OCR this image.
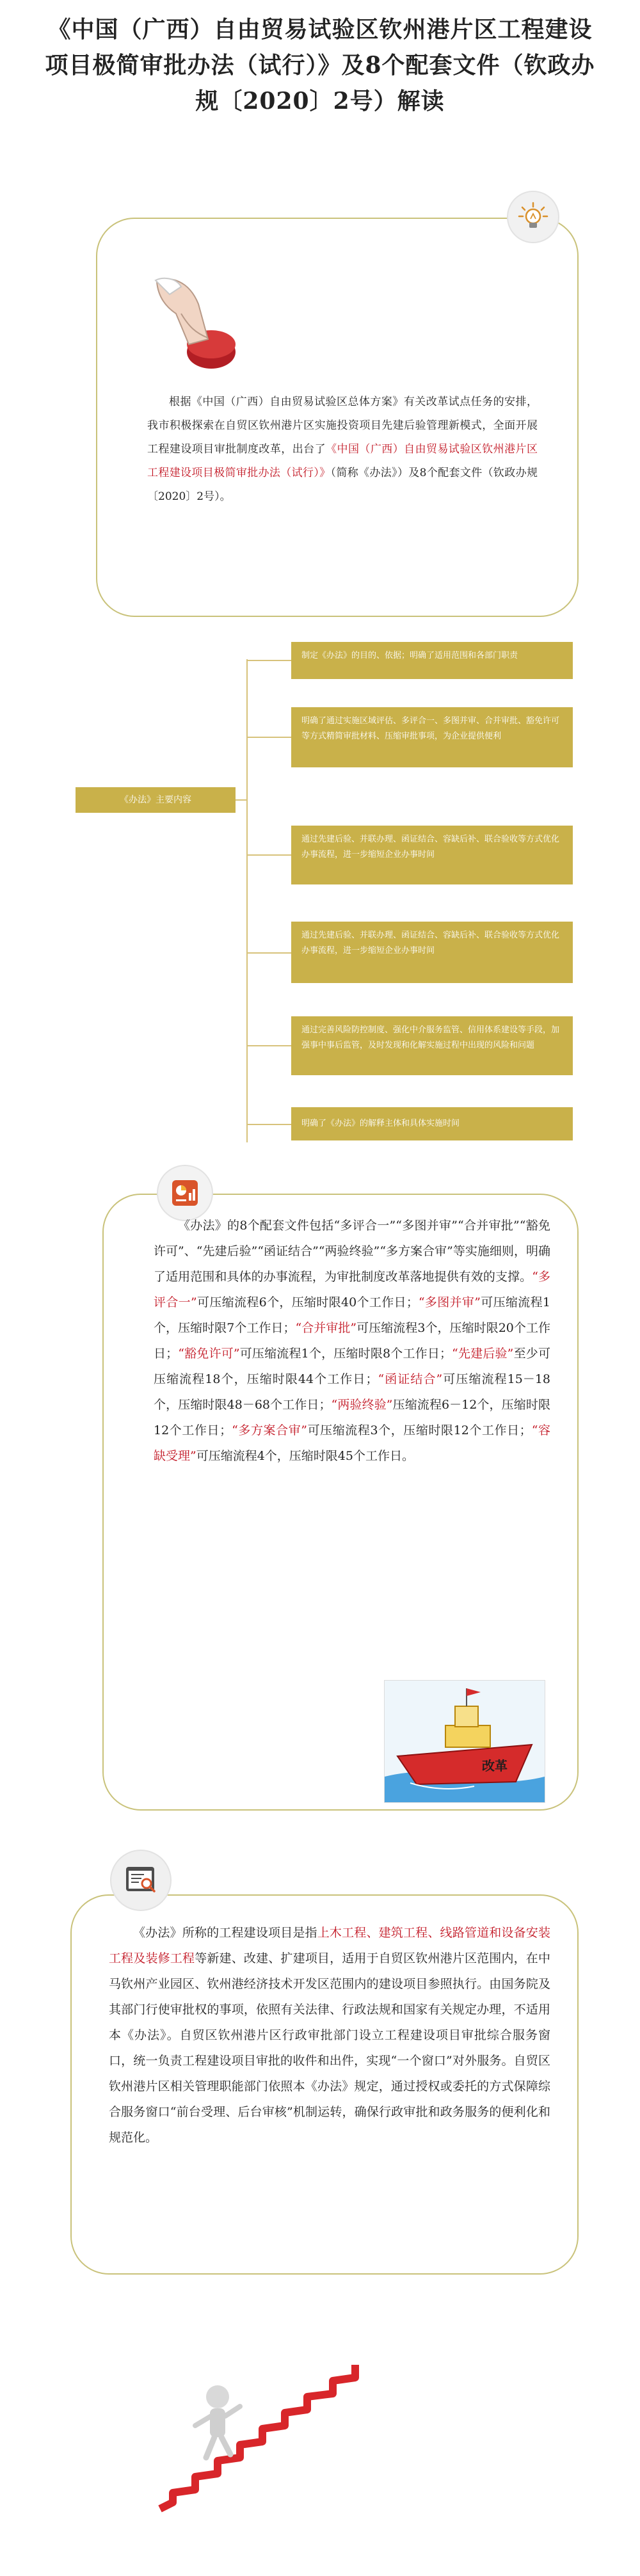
《中国（广西）自由贸易试验区钦州港片区工程建设项目极简审批办法（试行）》及8个配套文件（钦政办规〔2020〕2号）解读
根据《中国（广西）自由贸易试验区总体方案》有关改革试点任务的安排，我市积极探索在自贸区钦州港片区实施投资项目先建后验管理新模式，全面开展工程建设项目审批制度改革，出台了《中国（广西）自由贸易试验区钦州港片区工程建设项目极简审批办法（试行）》（简称《办法》）及8个配套文件（钦政办规〔2020〕2号）。
《办法》主要内容
制定《办法》的目的、依据；明确了适用范围和各部门职责
明确了通过实施区域评估、多评合一、多图并审、合并审批、豁免许可等方式精简审批材料、压缩审批事项，为企业提供便利
通过先建后验、并联办理、函证结合、容缺后补、联合验收等方式优化办事流程，进一步缩短企业办事时间
通过先建后验、并联办理、函证结合、容缺后补、联合验收等方式优化办事流程，进一步缩短企业办事时间
通过完善风险防控制度、强化中介服务监管、信用体系建设等手段，加强事中事后监管，及时发现和化解实施过程中出现的风险和问题
明确了《办法》的解释主体和具体实施时间
《办法》的8个配套文件包括“多评合一”“多图并审”“合并审批”“豁免许可”、“先建后验”“函证结合”“两验终验”“多方案合审”等实施细则，明确了适用范围和具体的办事流程，为审批制度改革落地提供有效的支撑。“多评合一”可压缩流程6个，压缩时限40个工作日；“多图并审”可压缩流程1个，压缩时限7个工作日；“合并审批”可压缩流程3个，压缩时限20个工作日；“豁免许可”可压缩流程1个，压缩时限8个工作日；“先建后验”至少可压缩流程18个，压缩时限44个工作日；“函证结合”可压缩流程15－18个，压缩时限48－68个工作日；“两验终验”压缩流程6－12个，压缩时限12个工作日；“多方案合审”可压缩流程3个，压缩时限12个工作日；“容缺受理”可压缩流程4个，压缩时限45个工作日。
改革
《办法》所称的工程建设项目是指上木工程、建筑工程、线路管道和设备安装工程及装修工程等新建、改建、扩建项目，适用于自贸区钦州港片区范围内，在中马钦州产业园区、钦州港经济技术开发区范围内的建设项目参照执行。由国务院及其部门行使审批权的事项，依照有关法律、行政法规和国家有关规定办理，不适用本《办法》。自贸区钦州港片区行政审批部门设立工程建设项目审批综合服务窗口，统一负责工程建设项目审批的收件和出件，实现“一个窗口”对外服务。自贸区钦州港片区相关管理职能部门依照本《办法》规定，通过授权或委托的方式保障综合服务窗口“前台受理、后台审核”机制运转，确保行政审批和政务服务的便利化和规范化。
